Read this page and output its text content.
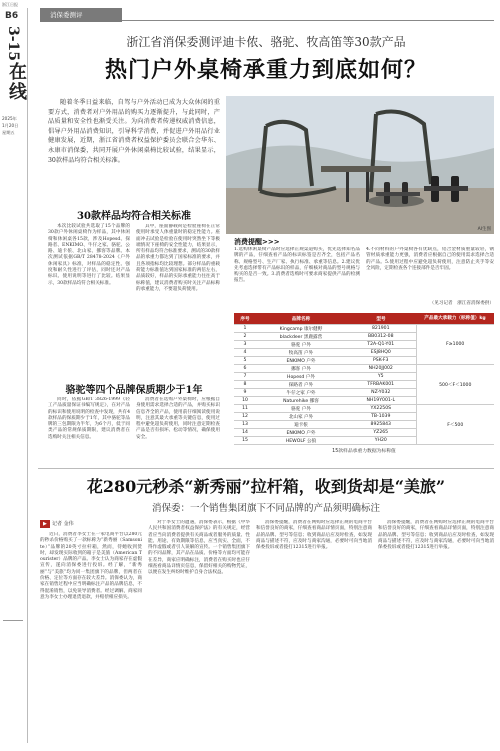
浙江日报
B6
3-15
在线
2025年
1月20日
星期五
消保委测评
浙江省消保委测评迪卡侬、骆驼、牧高笛等30款产品
热门户外桌椅承重力到底如何？
随着冬季日益来临，自驾与户外活动已成为大众休闲的重要方式，消费者对户外用品的购买力逐渐提升，与此同时，产品质量和安全性也渐受关注。为向消费者传递权威消费信息，倡导户外用品消费知识，引导科学消费，并促进户外用品行业健康发展，近期，浙江省消费者权益保护委员会联合会华东、永康市消保委，共同开展户外休闲桌椅比较试验，结果显示，30款样品均符合相关标准。
AI生图
30款样品均符合相关标准
本次比较试验共选取了15个品牌的30款户外休闲桌椅作为样品，其中休闲椅和休闲桌各15款，涉及Hopesd、探路者、ENKIMO、牛仔之家、骆驼、公路、迪卡侬、北山家、挪客等品牌。本次测试依据GB/T 28478-2024《户外休闲家具》标准，对样品的稳定性、强度和耐久性进行了评估，同时还对产品标识、使用说明等进行了比较。结果显示，30款样品均符合相关标准。
其中，座面静载荷是检验座椅在正常使用时承受人体重量时的稳定性能力。座面冲击试验是检验在使用时突然坐下等极端情况下座椅的安全性能力，结果显示，所有样品均符合标准要求，测试的30款样品的承重力都达到了国家标准的要求，并且各项指标均比较理想。部分样品的重载荷能力标准值达到国家标准的两倍左右，品质较好，样品的实际承重能力往往高于标称值，建议消费者购买时关注产品标称的承重能力，不要超负荷使用。
骆驼等四个品牌保质期少于1年
同时，依据GB/T 3826-1999《轻工产品质量保证书编写规定》，在对产品的标识和使用说明的检查中发现，共有4款样品的保质期少于1年，其中骆驼等品牌的三包期限为半年，为6个月，低于同类产品的常规保质期限，建议消费者在选购时关注相关信息。
消费者在选购户外桌椅时，应根据自身使用需求选择合适的产品，并购买标识信息齐全的产品，使用前仔细阅读使用说明，注意其最大承重等关键信息，使用过程中避免超负荷使用，同时注意定期检查产品是否有损坏、松动等情况，确保使用安全。
消费提醒>>>
1.选购休闲桌椅产品时应选择正规渠道购买，优先选择知名品牌的产品，仔细查看产品的标识标签是否齐全，包括产品名称、规格型号、生产厂家、执行标准、承重等信息。2.建议优先考虑选择带有产品标识的样品，仔细核对商品的型号规格与购买的是否一致。3.消费者选购时可要求商家提供产品的检测报告。
4.不同材料的户外桌椅各有优缺点，铝合金材质重量较轻，钢管材质承重能力更强，消费者应根据自己的使用需求选择合适的产品。5.使用过程中应避免超负荷使用，注意防止夹手等安全风险，定期检查各个连接部件是否牢固。
（见习记者　浙江省消保委供）
序号	品牌名称	型号	产品最大承载力（标称值）kg
1	Kingcamp 康尔健野	821901	F≥1000
2	blackdeer 黑鹿露营	BB0312-08	
3	骆驼 户外	T2A-Q1-Y01	
4	牧高笛 户外	ESJ8HQ0	
5	ENKIMO 户外	PSK-F3	
6	挪客 户外	NH20JJ002	500＜F＜1000
7	Hopesd 户外	Y5	
8	探路者 户外	TFRBAK001	
9	牛仔之家 户外	NZ-Y032	
10	Naturehike 挪客	NH19Y001-L	
11	骆驼 户外	YX2250S	F＜500
12	北山家 户外	TB-1039	
13	迪卡侬	8925843	
14	ENKIMO 户外	YZ265	
15	HEWOLF 公狼	YH20	
15款样品承重力数据为标称值
花280元秒杀“新秀丽”拉杆箱，收到货却是“美旅”
消保委：一个销售集团旗下不同品牌的产品须明确标注
▶	记者 金伟
近日，消费者李女士在一家电商平台以280元的秒杀价格购买了一款标称为“新秀丽（Samsonite）”品牌的20英寸拉杆箱，然而，待她收到货时，却发现实际收到的箱子是美旅（American Tourister）品牌的产品。李女士认为商家存在虚假宣传，遂向消保委进行投诉。经了解，“新秀丽”与“美旅”均为同一集团旗下的品牌，但两者在价格、定位等方面存在较大差异。消保委认为，商家在销售过程中应当明确标注产品的品牌信息，不得混淆销售，以免误导消费者。经过调解，商家同意为李女士办理退货退款，并赔偿相应损失。
对于李女士的遭遇，消保委表示，根据《中华人民共和国消费者权益保护法》的有关规定，经营者应当向消费者提供有关商品或者服务的质量、性能、用途、有效期限等信息，应当真实、全面，不得作虚假或者引人误解的宣传。一个销售集团旗下的不同品牌，其产品在品质、价格等方面均可能存在差异，商家应明确标注，消费者在购买时也应仔细查看商品详情页信息，保留好相关的购物凭证，以便在发生纠纷时维护自身合法权益。
消保委提醒，消费者在网购时应选择正规的电商平台和信誉良好的商家，仔细查看商品详情页面，特别注意商品的品牌、型号等信息；收到商品后应及时检查，如发现商品与描述不符，应及时与商家沟通，必要时可向当地消保委投诉或者拨打12315进行举报。
消保委提醒，消费者在网购时应选择正规的电商平台和信誉良好的商家，仔细查看商品详情页面，特别注意商品的品牌、型号等信息；收到商品后应及时检查，如发现商品与描述不符，应及时与商家沟通，必要时可向当地消保委投诉或者拨打12315进行举报。
